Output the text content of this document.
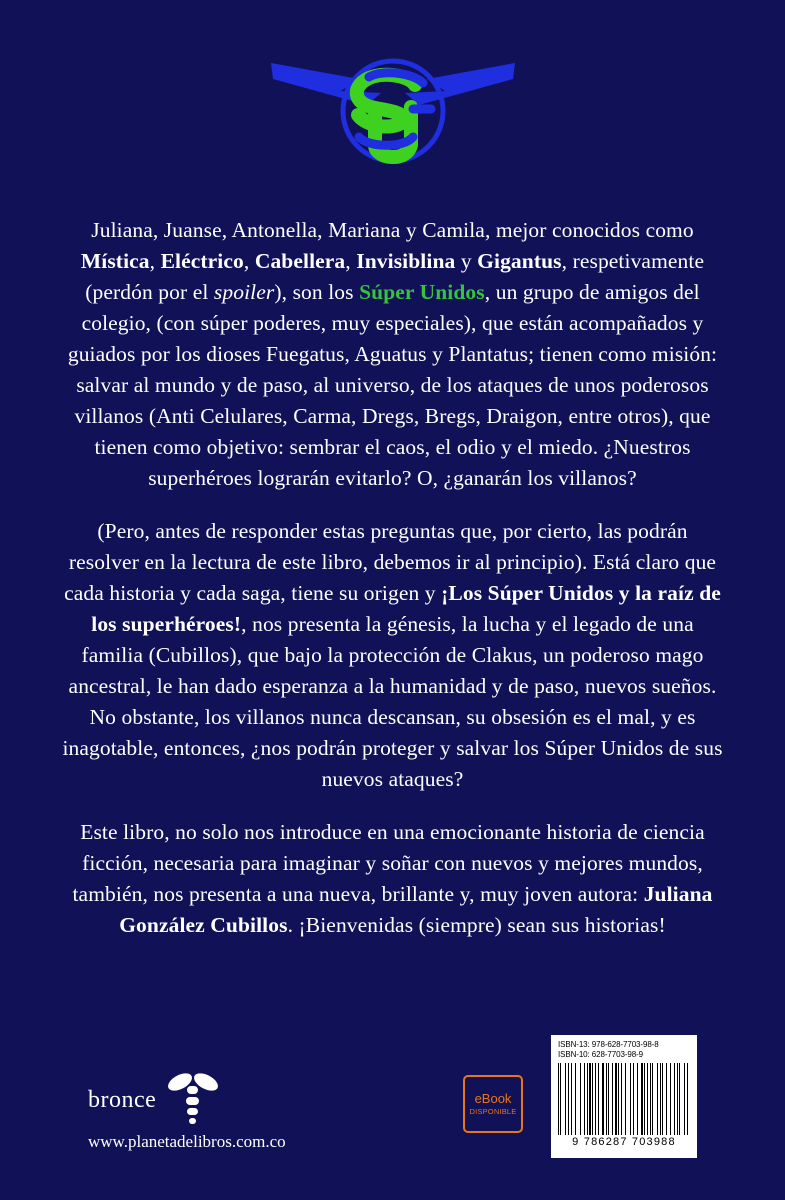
Juliana, Juanse, Antonella, Mariana y Camila, mejor conocidos como Mística, Eléctrico, Cabellera, Invisiblina y Gigantus, respetivamente (perdón por el spoiler), son los Súper Unidos, un grupo de amigos del colegio, (con súper poderes, muy especiales), que están acompañados y guiados por los dioses Fuegatus, Aguatus y Plantatus; tienen como misión: salvar al mundo y de paso, al universo, de los ataques de unos poderosos villanos (Anti Celulares, Carma, Dregs, Bregs, Draigon, entre otros), que tienen como objetivo: sembrar el caos, el odio y el miedo. ¿Nuestros superhéroes lograrán evitarlo? O, ¿ganarán los villanos?

(Pero, antes de responder estas preguntas que, por cierto, las podrán resolver en la lectura de este libro, debemos ir al principio). Está claro que cada historia y cada saga, tiene su origen y ¡Los Súper Unidos y la raíz de los superhéroes!, nos presenta la génesis, la lucha y el legado de una familia (Cubillos), que bajo la protección de Clakus, un poderoso mago ancestral, le han dado esperanza a la humanidad y de paso, nuevos sueños. No obstante, los villanos nunca descansan, su obsesión es el mal, y es inagotable, entonces, ¿nos podrán proteger y salvar los Súper Unidos de sus nuevos ataques?

Este libro, no solo nos introduce en una emocionante historia de ciencia ficción, necesaria para imaginar y soñar con nuevos y mejores mundos, también, nos presenta a una nueva, brillante y, muy joven autora: Juliana González Cubillos. ¡Bienvenidas (siempre) sean sus historias!

bronce
www.planetadelibros.com.co
eBook
DISPONIBLE
ISBN-13: 978-628-7703-98-8
ISBN-10: 628-7703-98-9
9 786287 703988
